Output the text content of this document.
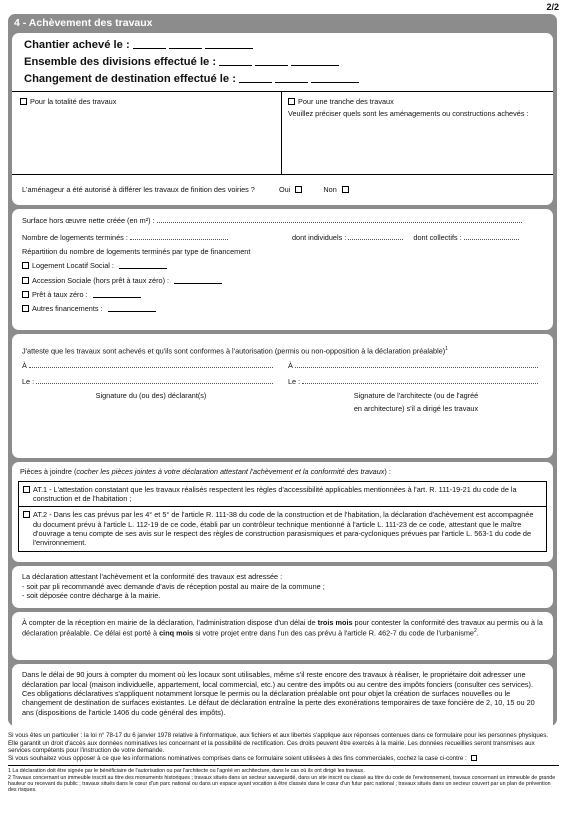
2/2
4 - Achèvement des travaux
Chantier achevé le :
Ensemble des divisions effectué le :
Changement de destination effectué le :
Pour la totalité des travaux	Pour une tranche des travaux
Veuillez préciser quels sont les aménagements ou constructions achevés :
L'aménageur a été autorisé à différer les travaux de finition des voiries ?	Oui	Non
Surface hors œuvre nette créée (en m²) :
Nombre de logements terminés :	dont individuels :	dont collectifs :
Répartition du nombre de logements terminés par type de financement
Logement Locatif Social :
Accession Sociale (hors prêt à taux zéro) :
Prêt à taux zéro :
Autres financements :
J'atteste que les travaux sont achevés et qu'ils sont conformes à l'autorisation (permis ou non-opposition à la déclaration préalable)$^1$
À
Le :
Signature du (ou des) déclarant(s)
À
Le :
Signature de l'architecte (ou de l'agréé
en architecture) s'il a dirigé les travaux
Pièces à joindre (cocher les pièces jointes à votre déclaration attestant l'achèvement et la conformité des travaux) :
AT.1 - L'attestation constatant que les travaux réalisés respectent les règles d'accessibilité applicables mentionnées à l'art. R. 111-19-21 du code de la construction et de l'habitation ;
AT.2 - Dans les cas prévus par les 4° et 5° de l'article R. 111-38 du code de la construction et de l'habitation, la déclaration d'achèvement est accompagnée du document prévu à l'article L. 112-19 de ce code, établi par un contrôleur technique mentionné à l'article L. 111-23 de ce code, attestant que le maître d'ouvrage a tenu compte de ses avis sur le respect des règles de construction parasismiques et para-cycloniques prévues par l'article L. 563-1 du code de l'environnement.
La déclaration attestant l'achèvement et la conformité des travaux est adressée :
- soit par pli recommandé avec demande d'avis de réception postal au maire de la commune ;
- soit déposée contre décharge à la mairie.
À compter de la réception en mairie de la déclaration, l'administration dispose d'un délai de trois mois pour contester la conformité des travaux au permis ou à la déclaration préalable. Ce délai est porté à cinq mois si votre projet entre dans l'un des cas prévu à l'article R. 462-7 du code de l'urbanisme$^2$.
Dans le délai de 90 jours à compter du moment où les locaux sont utilisables, même s'il reste encore des travaux à réaliser, le propriétaire doit adresser une déclaration par local (maison individuelle, appartement, local commercial, etc.) au centre des impôts ou au centre des impôts fonciers (consulter ces services). Ces obligations déclaratives s'appliquent notamment lorsque le permis ou la déclaration préalable ont pour objet la création de surfaces nouvelles ou le changement de destination de surfaces existantes. Le défaut de déclaration entraîne la perte des exonérations temporaires de taxe foncière de 2, 10, 15 ou 20 ans (dispositions de l'article 1406 du code général des impôts).
Si vous êtes un particulier : la loi n° 78-17 du 6 janvier 1978 relative à l'informatique, aux fichiers et aux libertés s'applique aux réponses contenues dans ce formulaire pour les personnes physiques. Elle garantit un droit d'accès aux données nominatives les concernant et la possibilité de rectification. Ces droits peuvent être exercés à la mairie. Les données recueillies seront transmises aux services compétents pour l'instruction de votre demande.
Si vous souhaitez vous opposer à ce que les informations nominatives comprises dans ce formulaire soient utilisées à des fins commerciales, cochez la case ci-contre :
1 La déclaration doit être signée par le bénéficiaire de l'autorisation ou par l'architecte ou l'agréé en architecture, dans le cas où ils ont dirigé les travaux.
2 Travaux concernant un immeuble inscrit au titre des monuments historiques ; travaux situés dans un secteur sauvegardé, dans un site inscrit ou classé au titre du code de l'environnement, travaux concernant un immeuble de grande hauteur ou recevant du public ; travaux situés dans le cœur d'un parc national ou dans un espace ayant vocation à être classés dans le cœur d'un futur parc national ; travaux situés dans un secteur couvert par un plan de prévention des risques.
